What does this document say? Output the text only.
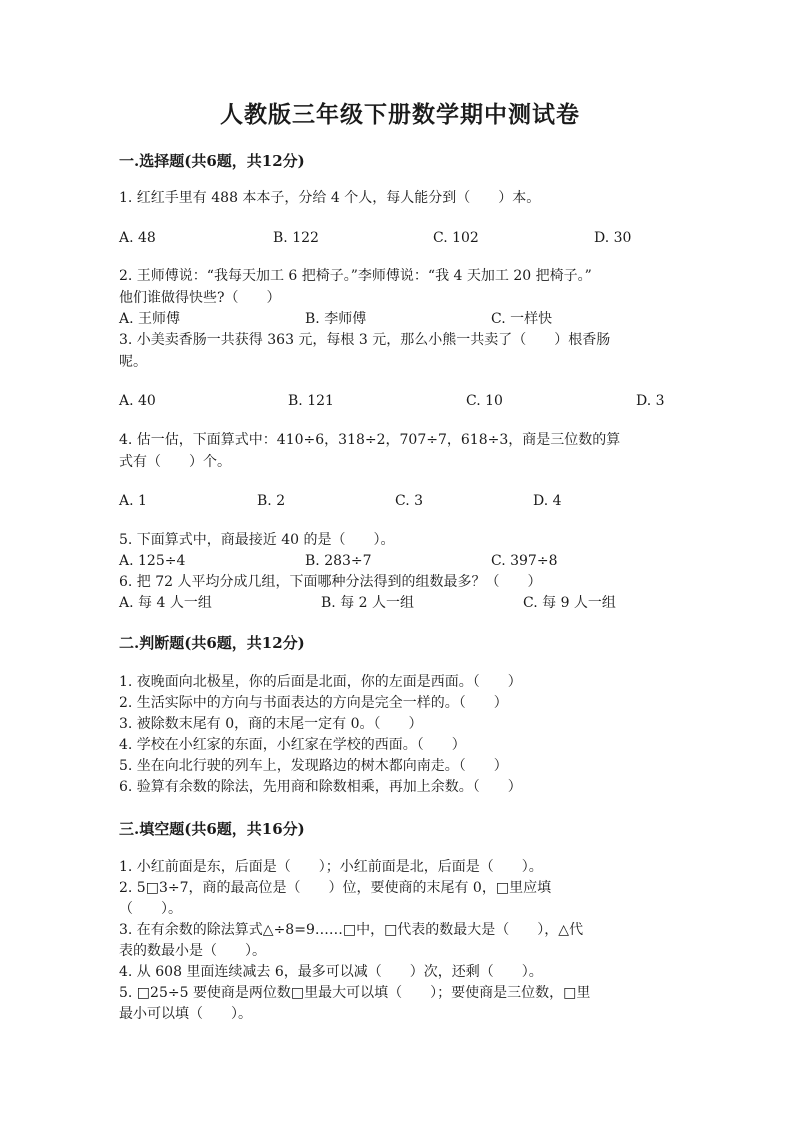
人教版三年级下册数学期中测试卷
一.选择题(共6题，共12分)
1. 红红手里有 488 本本子，分给 4 个人，每人能分到（　　）本。
A. 48	B. 122	C. 102	D. 30
2. 王师傅说：“我每天加工 6 把椅子。”李师傅说：“我 4 天加工 20 把椅子。”
他们谁做得快些?（　　）
A. 王师傅	B. 李师傅	C. 一样快
3. 小美卖香肠一共获得 363 元，每根 3 元，那么小熊一共卖了（　　）根香肠
呢。
A. 40	B. 121	C. 10	D. 3
4. 估一估，下面算式中：410÷6，318÷2，707÷7，618÷3，商是三位数的算
式有（　　）个。
A. 1	B. 2	C. 3	D. 4
5. 下面算式中，商最接近 40 的是（　　）。
A. 125÷4	B. 283÷7	C. 397÷8
6. 把 72 人平均分成几组，下面哪种分法得到的组数最多？（　　）
A. 每 4 人一组	B. 每 2 人一组	C. 每 9 人一组
二.判断题(共6题，共12分)
1. 夜晚面向北极星，你的后面是北面，你的左面是西面。（　　）
2. 生活实际中的方向与书面表达的方向是完全一样的。（　　）
3. 被除数末尾有 0，商的末尾一定有 0。（　　）
4. 学校在小红家的东面，小红家在学校的西面。（　　）
5. 坐在向北行驶的列车上，发现路边的树木都向南走。（　　）
6. 验算有余数的除法，先用商和除数相乘，再加上余数。（　　）
三.填空题(共6题，共16分)
1. 小红前面是东，后面是（　　）；小红前面是北，后面是（　　）。
2. 5□3÷7，商的最高位是（　　）位，要使商的末尾有 0，□里应填
（　　）。
3. 在有余数的除法算式△÷8=9……□中，□代表的数最大是（　　），△代
表的数最小是（　　）。
4. 从 608 里面连续减去 6，最多可以减（　　）次，还剩（　　）。
5. □25÷5 要使商是两位数□里最大可以填（　　）；要使商是三位数，□里
最小可以填（　　）。
